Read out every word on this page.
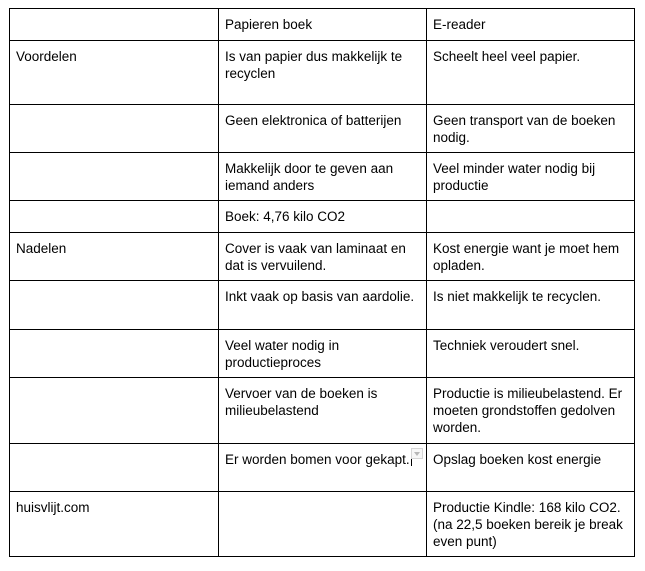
	Papieren boek	E-reader

Voordelen	Is van papier dus makkelijk te recyclen	Scheelt heel veel papier.

	Geen elektronica of batterijen	Geen transport van de boeken nodig.

	Makkelijk door te geven aan iemand anders	Veel minder water nodig bij productie

	Boek: 4,76 kilo CO2	

Nadelen	Cover is vaak van laminaat en dat is vervuilend.	Kost energie want je moet hem opladen.

	Inkt vaak op basis van aardolie.	Is niet makkelijk te recyclen.

	Veel water nodig in productieproces	Techniek veroudert snel.

	Vervoer van de boeken is milieubelastend	Productie is milieubelastend. Er moeten grondstoffen gedolven worden.

	Er worden bomen voor gekapt.	Opslag boeken kost energie

huisvlijt.com		Productie Kindle: 168 kilo CO2. (na 22,5 boeken bereik je break even punt)
